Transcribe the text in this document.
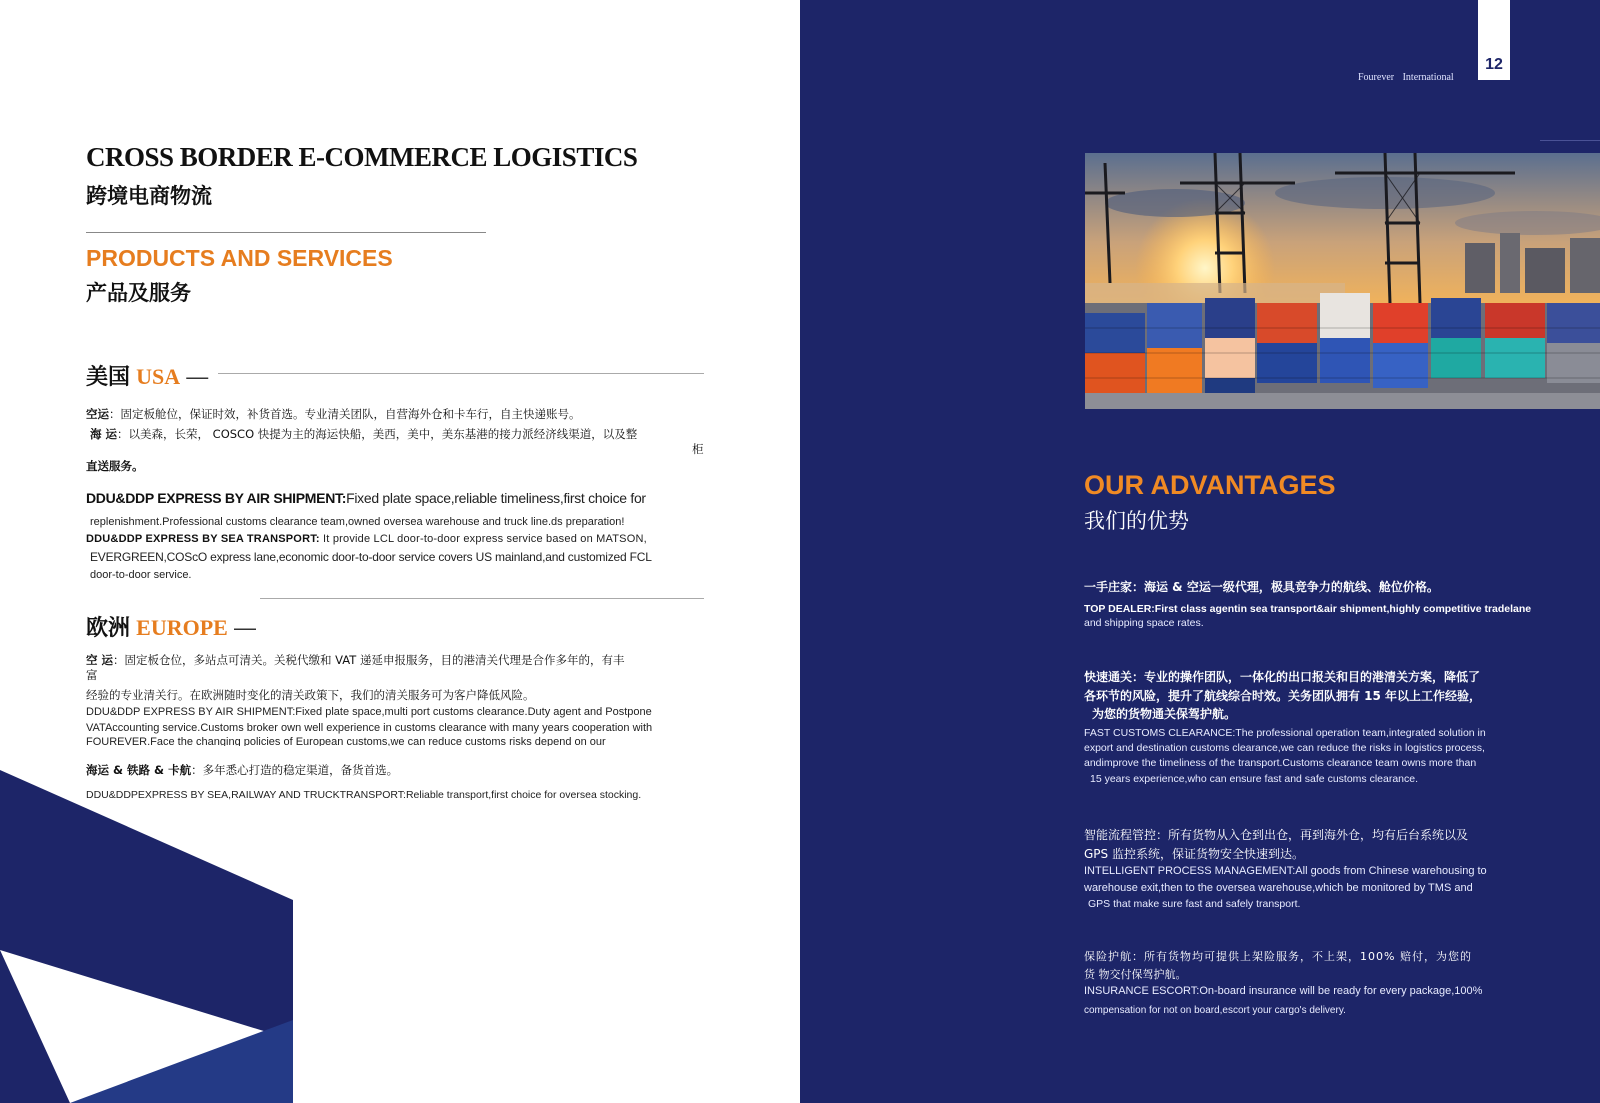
CROSS BORDER E-COMMERCE LOGISTICS
跨境电商物流
PRODUCTS AND SERVICES
产品及服务
美国 USA —
空运：固定板舱位，保证时效，补货首选。专业清关团队，自营海外仓和卡车行，自主快递账号。
海 运：以美森，长荣， COSCO 快提为主的海运快船，美西，美中，美东基港的接力派经济线渠道，以及整
柜
直送服务。
DDU&DDP EXPRESS BY AIR SHIPMENT:Fixed plate space,reliable timeliness,first choice for
replenishment.Professional customs clearance team,owned oversea warehouse and truck line.ds preparation!
DDU&DDP EXPRESS BY SEA TRANSPORT: It provide LCL door-to-door express service based on MATSON,
EVERGREEN,COScO express lane,economic door-to-door service covers US mainland,and customized FCL
door-to-door service.
欧洲 EUROPE —
空 运：固定板仓位，多站点可清关。关税代缴和 VAT 递延申报服务，目的港清关代理是合作多年的，有丰
富
经验的专业清关行。在欧洲随时变化的清关政策下，我们的清关服务可为客户降低风险。
DDU&DDP EXPRESS BY AIR SHIPMENT:Fixed plate space,multi port customs clearance.Duty agent and Postpone
VATAccounting service.Customs broker own well experience in customs clearance with many years cooperation with
FOUREVER.Face the changing policies of European customs,we can reduce customs risks depend on our
海运 & 铁路 & 卡航：多年悉心打造的稳定渠道，备货首选。
DDU&DDPEXPRESS BY SEA,RAILWAY AND TRUCKTRANSPORT:Reliable transport,first choice for oversea stocking.
12
Fourever International
OUR ADVANTAGES
我们的优势
一手庄家：海运 & 空运一级代理，极具竞争力的航线、舱位价格。
TOP DEALER:First class agentin sea transport&air shipment,highly competitive tradelane
and shipping space rates.
快速通关：专业的操作团队，一体化的出口报关和目的港清关方案，降低了
各环节的风险，提升了航线综合时效。关务团队拥有 15 年以上工作经验，
为您的货物通关保驾护航。
FAST CUSTOMS CLEARANCE:The professional operation team,integrated solution in
export and destination customs clearance,we can reduce the risks in logistics process,
andimprove the timeliness of the transport.Customs clearance team owns more than
15 years experience,who can ensure fast and safe customs clearance.
智能流程管控：所有货物从入仓到出仓，再到海外仓，均有后台系统以及
GPS 监控系统，保证货物安全快速到达。
INTELLIGENT PROCESS MANAGEMENT:All goods from Chinese warehousing to
warehouse exit,then to the oversea warehouse,which be monitored by TMS and
GPS that make sure fast and safely transport.
保险护航：所有货物均可提供上架险服务，不上架，100% 赔付，为您的
货 物交付保驾护航。
INSURANCE ESCORT:On-board insurance will be ready for every package,100%
compensation for not on board,escort your cargo's delivery.
